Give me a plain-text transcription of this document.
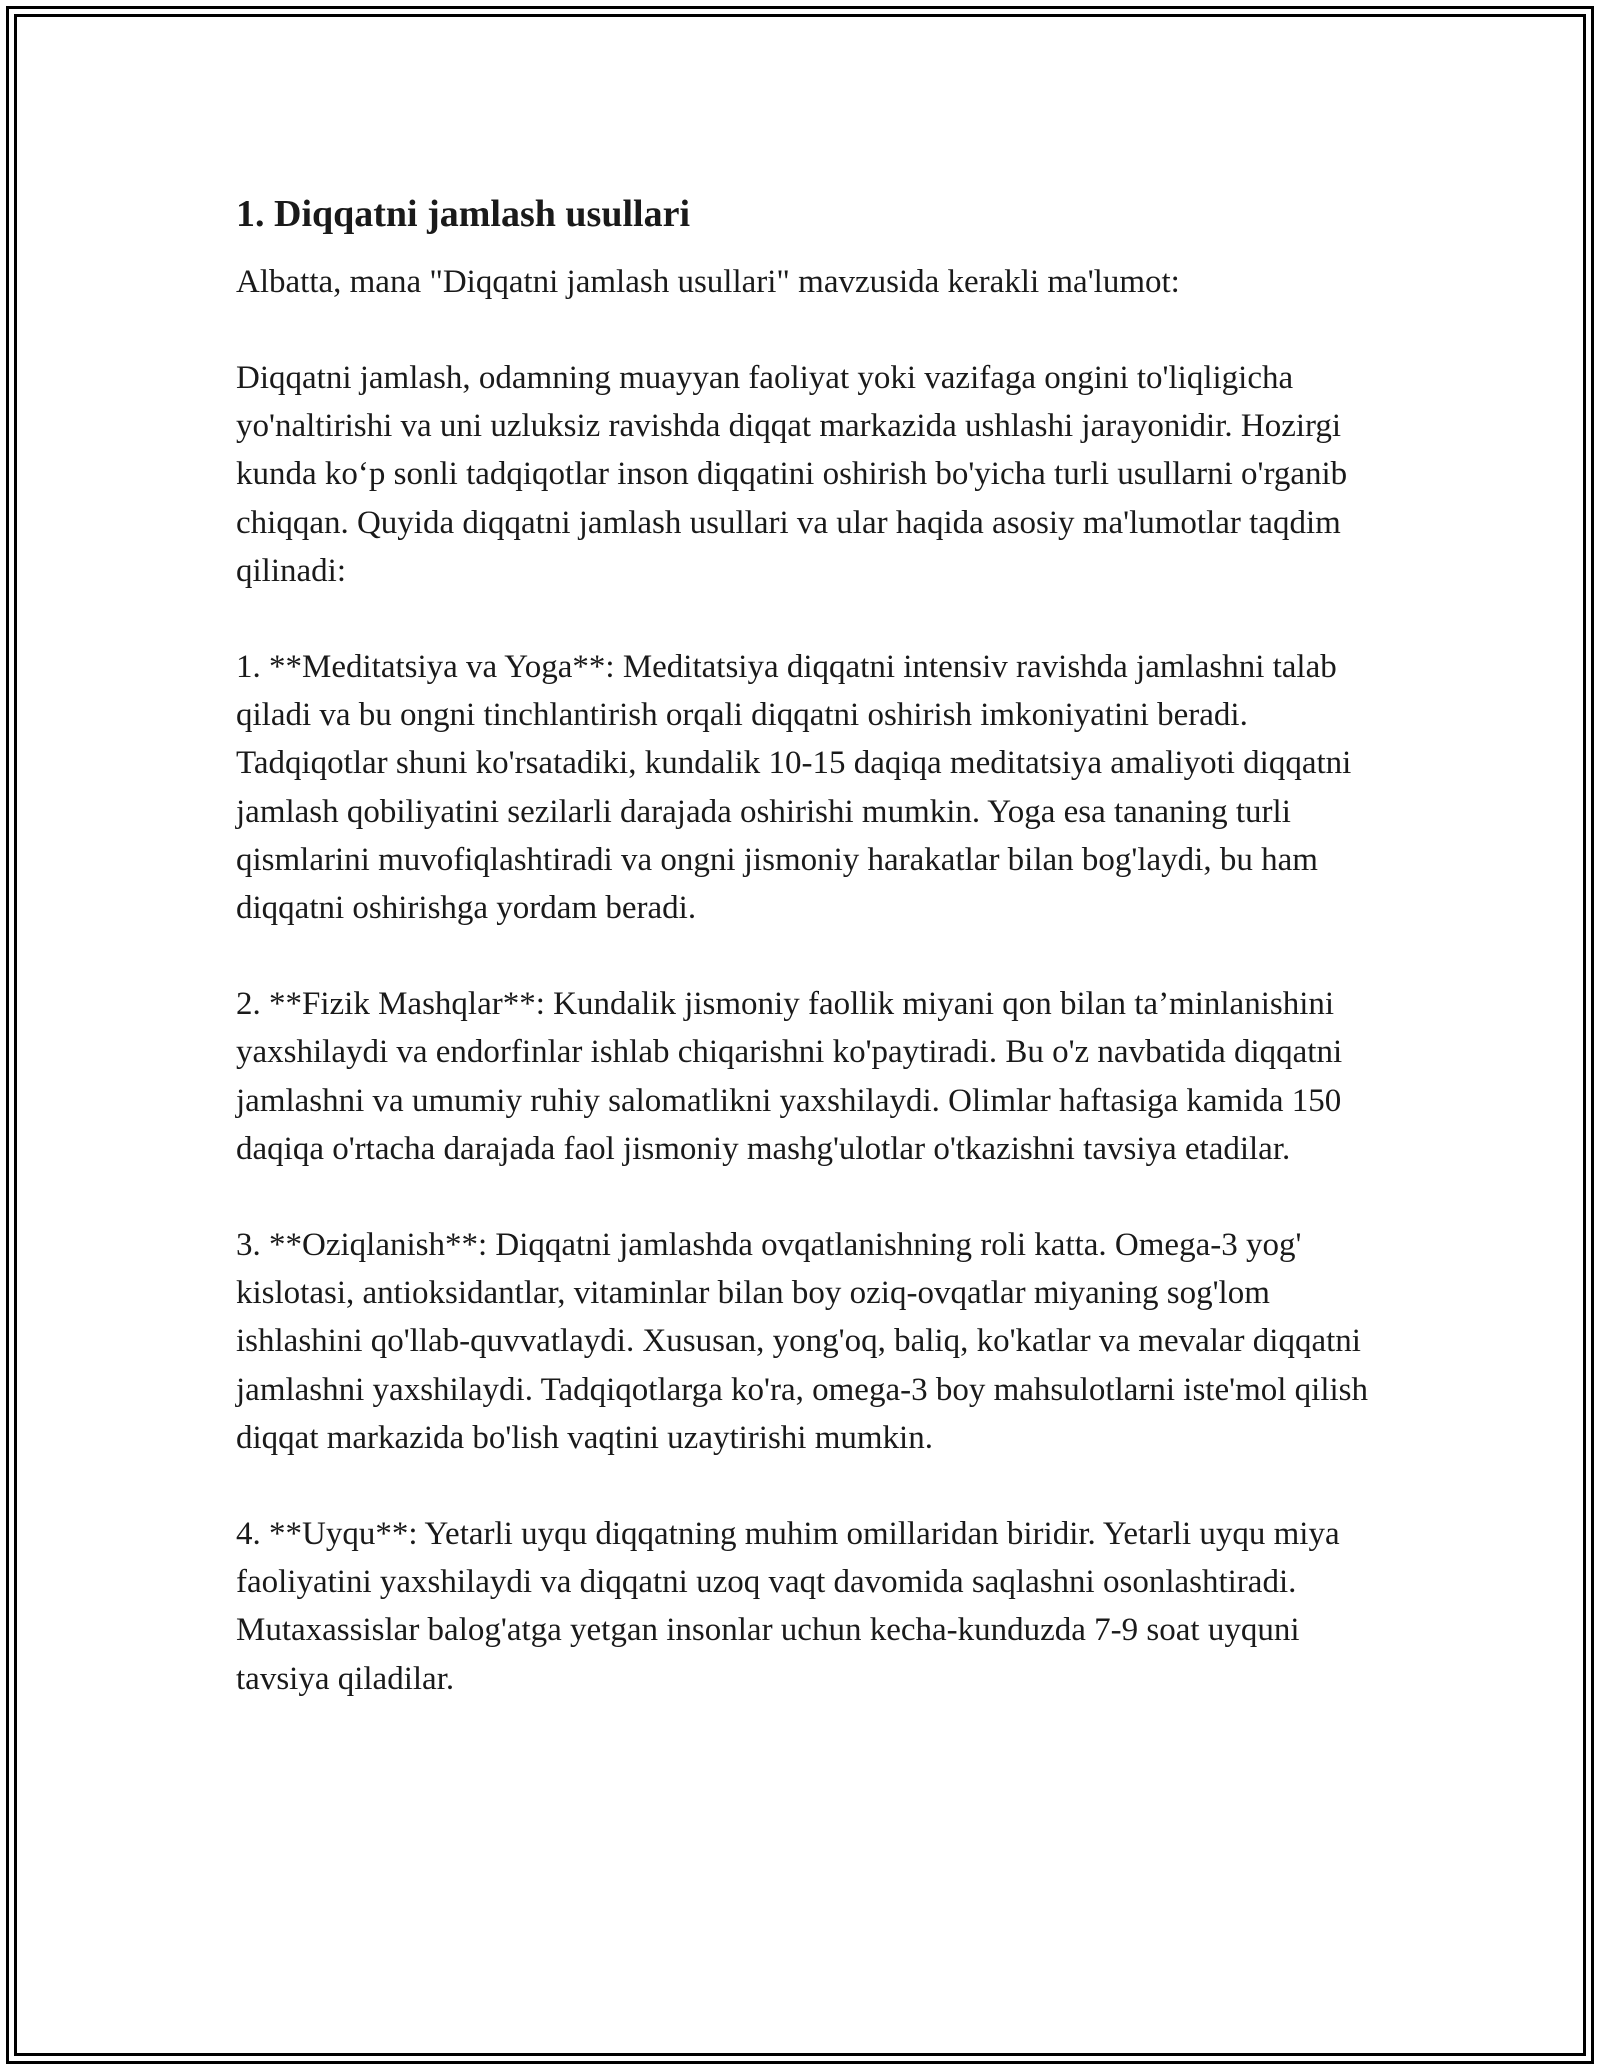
1. Diqqatni jamlash usullari

Albatta, mana "Diqqatni jamlash usullari" mavzusida kerakli ma'lumot:

Diqqatni jamlash, odamning muayyan faoliyat yoki vazifaga ongini to'liqligicha yo'naltirishi va uni uzluksiz ravishda diqqat markazida ushlashi jarayonidir. Hozirgi kunda ko‘p sonli tadqiqotlar inson diqqatini oshirish bo'yicha turli usullarni o'rganib chiqqan. Quyida diqqatni jamlash usullari va ular haqida asosiy ma'lumotlar taqdim qilinadi:

1. **Meditatsiya va Yoga**: Meditatsiya diqqatni intensiv ravishda jamlashni talab qiladi va bu ongni tinchlantirish orqali diqqatni oshirish imkoniyatini beradi. Tadqiqotlar shuni ko'rsatadiki, kundalik 10-15 daqiqa meditatsiya amaliyoti diqqatni jamlash qobiliyatini sezilarli darajada oshirishi mumkin. Yoga esa tananing turli qismlarini muvofiqlashtiradi va ongni jismoniy harakatlar bilan bog'laydi, bu ham diqqatni oshirishga yordam beradi.

2. **Fizik Mashqlar**: Kundalik jismoniy faollik miyani qon bilan ta’minlanishini yaxshilaydi va endorfinlar ishlab chiqarishni ko'paytiradi. Bu o'z navbatida diqqatni jamlashni va umumiy ruhiy salomatlikni yaxshilaydi. Olimlar haftasiga kamida 150 daqiqa o'rtacha darajada faol jismoniy mashg'ulotlar o'tkazishni tavsiya etadilar.

3. **Oziqlanish**: Diqqatni jamlashda ovqatlanishning roli katta. Omega-3 yog' kislotasi, antioksidantlar, vitaminlar bilan boy oziq-ovqatlar miyaning sog'lom ishlashini qo'llab-quvvatlaydi. Xususan, yong'oq, baliq, ko'katlar va mevalar diqqatni jamlashni yaxshilaydi. Tadqiqotlarga ko'ra, omega-3 boy mahsulotlarni iste'mol qilish diqqat markazida bo'lish vaqtini uzaytirishi mumkin.

4. **Uyqu**: Yetarli uyqu diqqatning muhim omillaridan biridir. Yetarli uyqu miya faoliyatini yaxshilaydi va diqqatni uzoq vaqt davomida saqlashni osonlashtiradi. Mutaxassislar balog'atga yetgan insonlar uchun kecha-kunduzda 7-9 soat uyquni tavsiya qiladilar.
